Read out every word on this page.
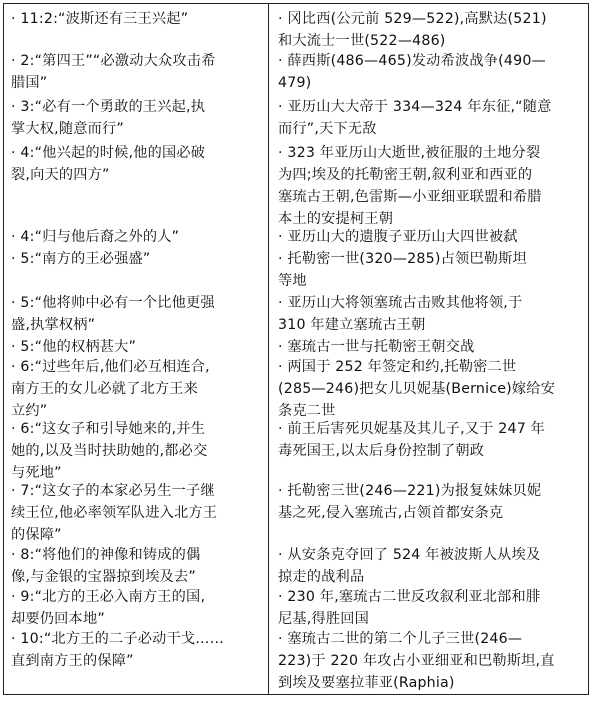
· 11:2:“波斯还有三王兴起”
· 2:“第四王”“必激动大众攻击希
腊国”
· 3:“必有一个勇敢的王兴起,执
掌大权,随意而行”
· 4:“他兴起的时候,他的国必破
裂,向天的四方”
· 4:“归与他后裔之外的人”
· 5:“南方的王必强盛”
· 5:“他将帅中必有一个比他更强
盛,执掌权柄”
· 5:“他的权柄甚大”
· 6:“过些年后,他们必互相连合,
南方王的女儿必就了北方王来
立约”
· 6:“这女子和引导她来的,并生
她的,以及当时扶助她的,都必交
与死地”
· 7:“这女子的本家必另生一子继
续王位,他必率领军队进入北方王
的保障”
· 8:“将他们的神像和铸成的偶
像,与金银的宝器掠到埃及去”
· 9:“北方的王必入南方王的国,
却要仍回本地”
· 10:“北方王的二子必动干戈……
直到南方王的保障”
· 冈比西(公元前 529—522),高默达(521)
和大流士一世(522—486)
· 薛西斯(486—465)发动希波战争(490—
479)
· 亚历山大大帝于 334—324 年东征,“随意
而行”,天下无敌
· 323 年亚历山大逝世,被征服的土地分裂
为四;埃及的托勒密王朝,叙利亚和西亚的
塞琉古王朝,色雷斯—小亚细亚联盟和希腊
本土的安提柯王朝
· 亚历山大的遗腹子亚历山大四世被弑
· 托勒密一世(320—285)占领巴勒斯坦
等地
· 亚历山大将领塞琉古击败其他将领,于
310 年建立塞琉古王朝
· 塞琉古一世与托勒密王朝交战
· 两国于 252 年签定和约,托勒密二世
(285—246)把女儿贝妮基(Bernice)嫁给安
条克二世
· 前王后害死贝妮基及其儿子,又于 247 年
毒死国王,以太后身份控制了朝政
· 托勒密三世(246—221)为报复妹妹贝妮
基之死,侵入塞琉古,占领首都安条克
· 从安条克夺回了 524 年被波斯人从埃及
掠走的战利品
· 230 年,塞琉古二世反攻叙利亚北部和腓
尼基,得胜回国
· 塞琉古二世的第二个儿子三世(246—
223)于 220 年攻占小亚细亚和巴勒斯坦,直
到埃及要塞拉菲亚(Raphia)
